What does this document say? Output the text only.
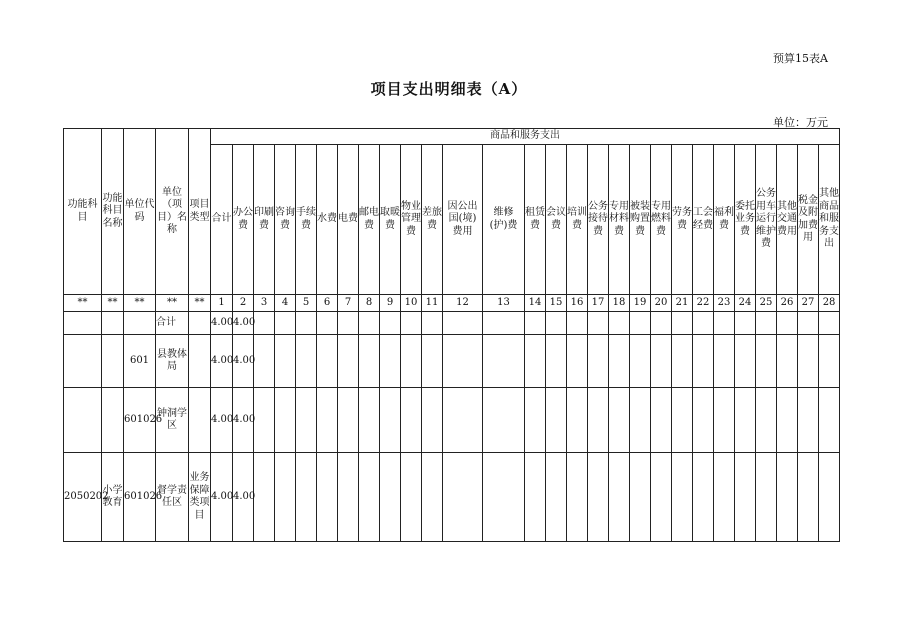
预算15表A
项目支出明细表（A）
单位：万元
功能科目	功能科目名称	单位代码	单位（项目）名称	项目类型	商品和服务支出																											
					合计	办公费	印刷费	咨询费	手续费	水费	电费	邮电费	取暖费	物业管理费	差旅费	因公出国(境)费用	维修(护)费	租赁费	会议费	培训费	公务接待费	专用材料费	被装购置费	专用燃料费	劳务费	工会经费	福利费	委托业务费	公务用车运行维护费	其他交通费用	税金及附加费用	其他商品和服务支出
**	**	**	**	**	1	2	3	4	5	6	7	8	9	10	11	12	13	14	15	16	17	18	19	20	21	22	23	24	25	26	27	28
			合计		4.00	4.00																										
		601	县教体局		4.00	4.00																										
		601026	钟洞学区		4.00	4.00																										
2050202	小学教育	601026	督学责任区	业务保障类项目	4.00	4.00																										
